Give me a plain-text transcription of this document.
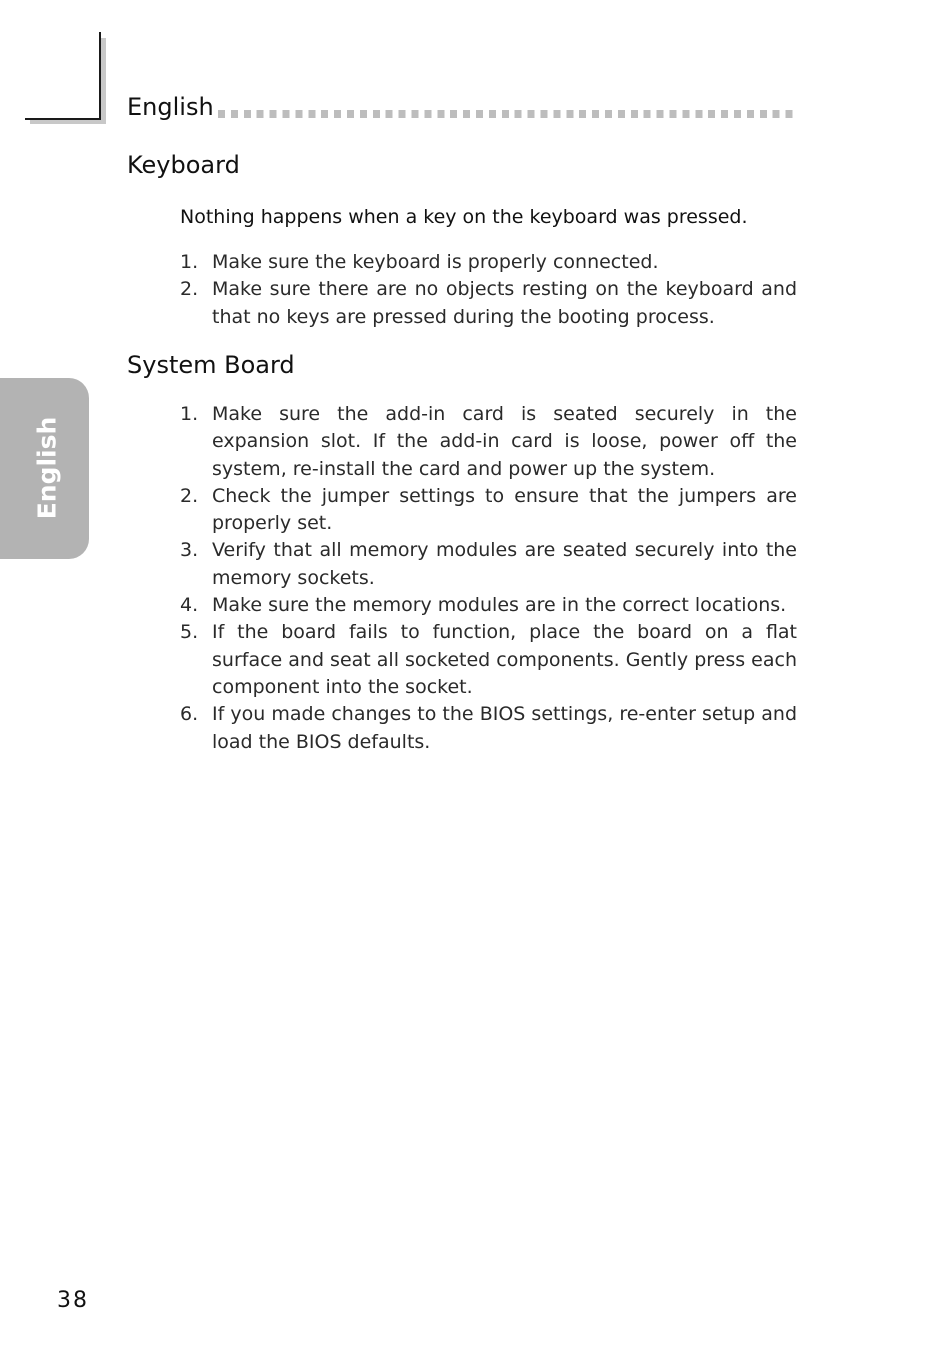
English
English
Keyboard
Nothing happens when a key on the keyboard was pressed.
1. Make sure the keyboard is properly connected.
2. Make sure there are no objects resting on the keyboard and that no keys are pressed during the booting process.
System Board
1. Make sure the add-in card is seated securely in the expansion slot. If the add-in card is loose, power off the system, re-install the card and power up the system.
2. Check the jumper settings to ensure that the jumpers are properly set.
3. Verify that all memory modules are seated securely into the memory sockets.
4. Make sure the memory modules are in the correct locations.
5. If the board fails to function, place the board on a flat surface and seat all socketed components. Gently press each component into the socket.
6. If you made changes to the BIOS settings, re-enter setup and load the BIOS defaults.
38
